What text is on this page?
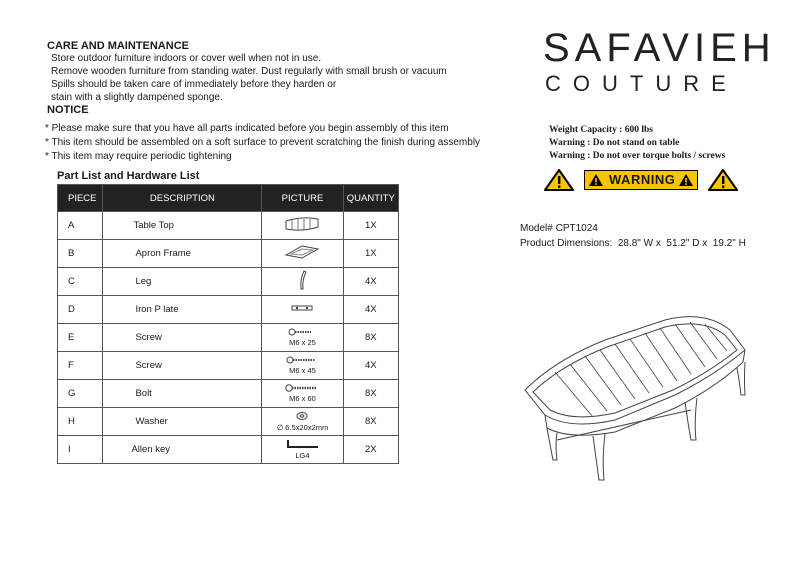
CARE AND MAINTENANCE
Store outdoor furniture indoors or cover well when not in use.
Remove wooden furniture from standing water. Dust regularly with small brush or vacuum
Spills should be taken care of immediately before they harden or
stain with a slightly dampened sponge.
NOTICE
* Please make sure that you have all parts indicated before you begin assembly of this item
* This item should be assembled on a soft surface to prevent scratching the finish during assembly
* This item may require periodic tightening
SAFAVIEH
COUTURE
Weight Capacity : 600 lbs
Warning : Do not stand on table
Warning : Do not over torque bolts / screws
WARNING
Model# CPT1024
Product Dimensions: 28.8" W x 51.2" D x 19.2" H
Part List and Hardware List
PIECE	DESCRIPTION	PICTURE	QUANTITY
A	Table Top		1X
B	Apron Frame		1X
C	Leg		4X
D	Iron P late		4X
E	Screw	M6 x 25	8X
F	Screw	M6 x 45	4X
G	Bolt	M6 x 60	8X
H	Washer	∅ 6.5x20x2mm	8X
I	Allen key	LG4	2X
